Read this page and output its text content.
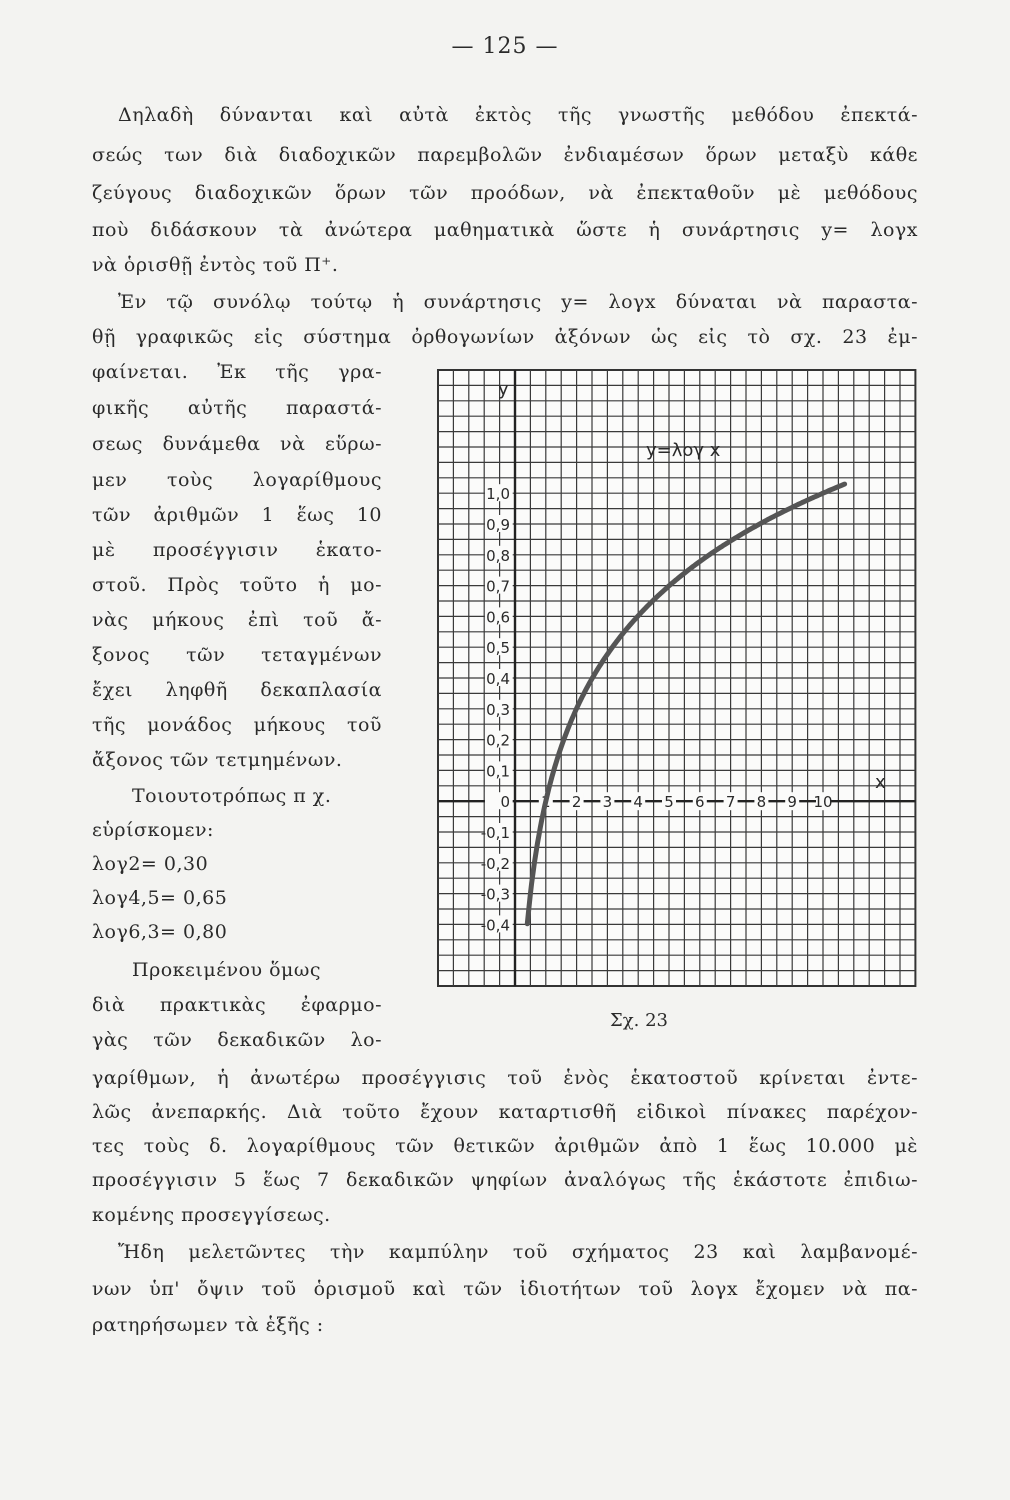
— 125 —
Δηλαδὴ δύνανται καὶ αὐτὰ ἐκτὸς τῆς γνωστῆς μεθόδου ἐπεκτά-
σεώς των διὰ διαδοχικῶν παρεμβολῶν ἐνδιαμέσων ὅρων μεταξὺ κάθε
ζεύγους διαδοχικῶν ὅρων τῶν προόδων, νὰ ἐπεκταθοῦν μὲ μεθόδους
ποὺ διδάσκουν τὰ ἀνώτερα μαθηματικὰ ὥστε ἡ συνάρτησις y= λογx
νὰ ὁρισθῇ ἐντὸς τοῦ Π⁺.
Ἐν τῷ συνόλῳ τούτῳ ἡ συνάρτησις y= λογx δύναται νὰ παραστα-
θῇ γραφικῶς εἰς σύστημα ὀρθογωνίων ἀξόνων ὡς εἰς τὸ σχ. 23 ἐμ-
φαίνεται. Ἐκ τῆς γρα-
φικῆς αὐτῆς παραστά-
σεως δυνάμεθα νὰ εὕρω-
μεν τοὺς λογαρίθμους
τῶν ἀριθμῶν 1 ἕως 10
μὲ προσέγγισιν ἑκατο-
στοῦ. Πρὸς τοῦτο ἡ μο-
νὰς μήκους ἐπὶ τοῦ ἄ-
ξονος τῶν τεταγμένων
ἔχει ληφθῆ δεκαπλασία
τῆς μονάδος μήκους τοῦ
ἄξονος τῶν τετμημένων.
Τοιουτοτρόπως π χ.
εὑρίσκομεν:
λογ2= 0,30
λογ4,5= 0,65
λογ6,3= 0,80
Προκειμένου ὅμως
διὰ πρακτικὰς ἐφαρμο-
γὰς τῶν δεκαδικῶν λο-
1,0
0,9
0,8
0,7
0,6
0,5
0,4
0,3
0,2
0,1
0
-0,1
-0,2
-0,3
-0,4
1 2 3 4 5 6 7 8 9 10
y=λογ x
y
x
Σχ. 23
γαρίθμων, ἡ ἀνωτέρω προσέγγισις τοῦ ἑνὸς ἑκατοστοῦ κρίνεται ἐντε-
λῶς ἀνεπαρκής. Διὰ τοῦτο ἔχουν καταρτισθῆ εἰδικοὶ πίνακες παρέχον-
τες τοὺς δ. λογαρίθμους τῶν θετικῶν ἀριθμῶν ἀπὸ 1 ἕως 10.000 μὲ
προσέγγισιν 5 ἕως 7 δεκαδικῶν ψηφίων ἀναλόγως τῆς ἑκάστοτε ἐπιδιω-
κομένης προσεγγίσεως.
Ἤδη μελετῶντες τὴν καμπύλην τοῦ σχήματος 23 καὶ λαμβανομέ-
νων ὑπ' ὄψιν τοῦ ὁρισμοῦ καὶ τῶν ἰδιοτήτων τοῦ λογx ἔχομεν νὰ πα-
ρατηρήσωμεν τὰ ἑξῆς :
